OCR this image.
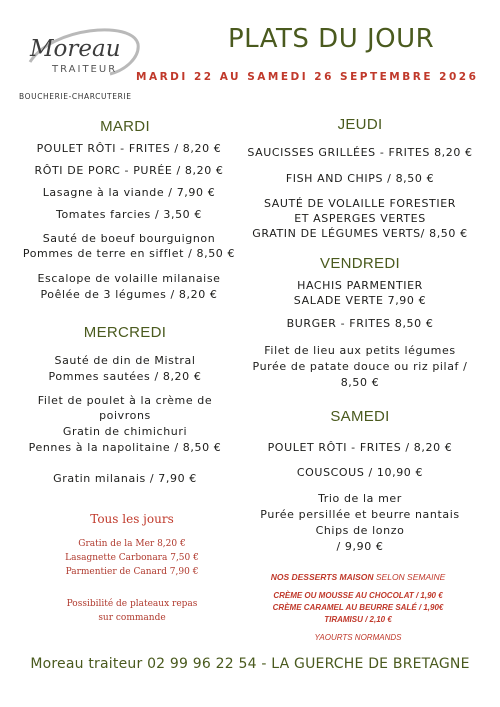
Moreau
TRAITEUR
BOUCHERIE-CHARCUTERIE
PLATS DU JOUR
MARDI 22 AU SAMEDI 26 SEPTEMBRE 2026
MARDI
POULET RÔTI - FRITES / 8,20 €
RÔTI DE PORC - PURÉE / 8,20 €
Lasagne à la viande / 7,90 €
Tomates farcies / 3,50 €
Sauté de boeuf bourguignon
Pommes de terre en sifflet / 8,50 €
Escalope de volaille milanaise
Poêlée de 3 légumes / 8,20 €
MERCREDI
Sauté de din de Mistral
Pommes sautées / 8,20 €
Filet de poulet à la crème de
poivrons
Gratin de chimichuri
Pennes à la napolitaine / 8,50 €
Gratin milanais / 7,90 €
Tous les jours
Gratin de la Mer 8,20 €
Lasagnette Carbonara 7,50 €
Parmentier de Canard 7,90 €
Possibilité de plateaux repas
sur commande
JEUDI
SAUCISSES GRILLÉES - FRITES 8,20 €
FISH AND CHIPS / 8,50 €
SAUTÉ DE VOLAILLE FORESTIER
ET ASPERGES VERTES
GRATIN DE LÉGUMES VERTS/ 8,50 €
VENDREDI
HACHIS PARMENTIER
SALADE VERTE 7,90 €
BURGER - FRITES 8,50 €
Filet de lieu aux petits légumes
Purée de patate douce ou riz pilaf /
8,50 €
SAMEDI
POULET RÔTI - FRITES / 8,20 €
COUSCOUS / 10,90 €
Trio de la mer
Purée persillée et beurre nantais
Chips de lonzo
/ 9,90 €
NOS DESSERTS MAISON SELON SEMAINE
CRÈME OU MOUSSE AU CHOCOLAT / 1,90 €
CRÈME CARAMEL AU BEURRE SALÉ / 1,90€
TIRAMISU / 2,10 €
YAOURTS NORMANDS
Moreau traiteur 02 99 96 22 54 - LA GUERCHE DE BRETAGNE
